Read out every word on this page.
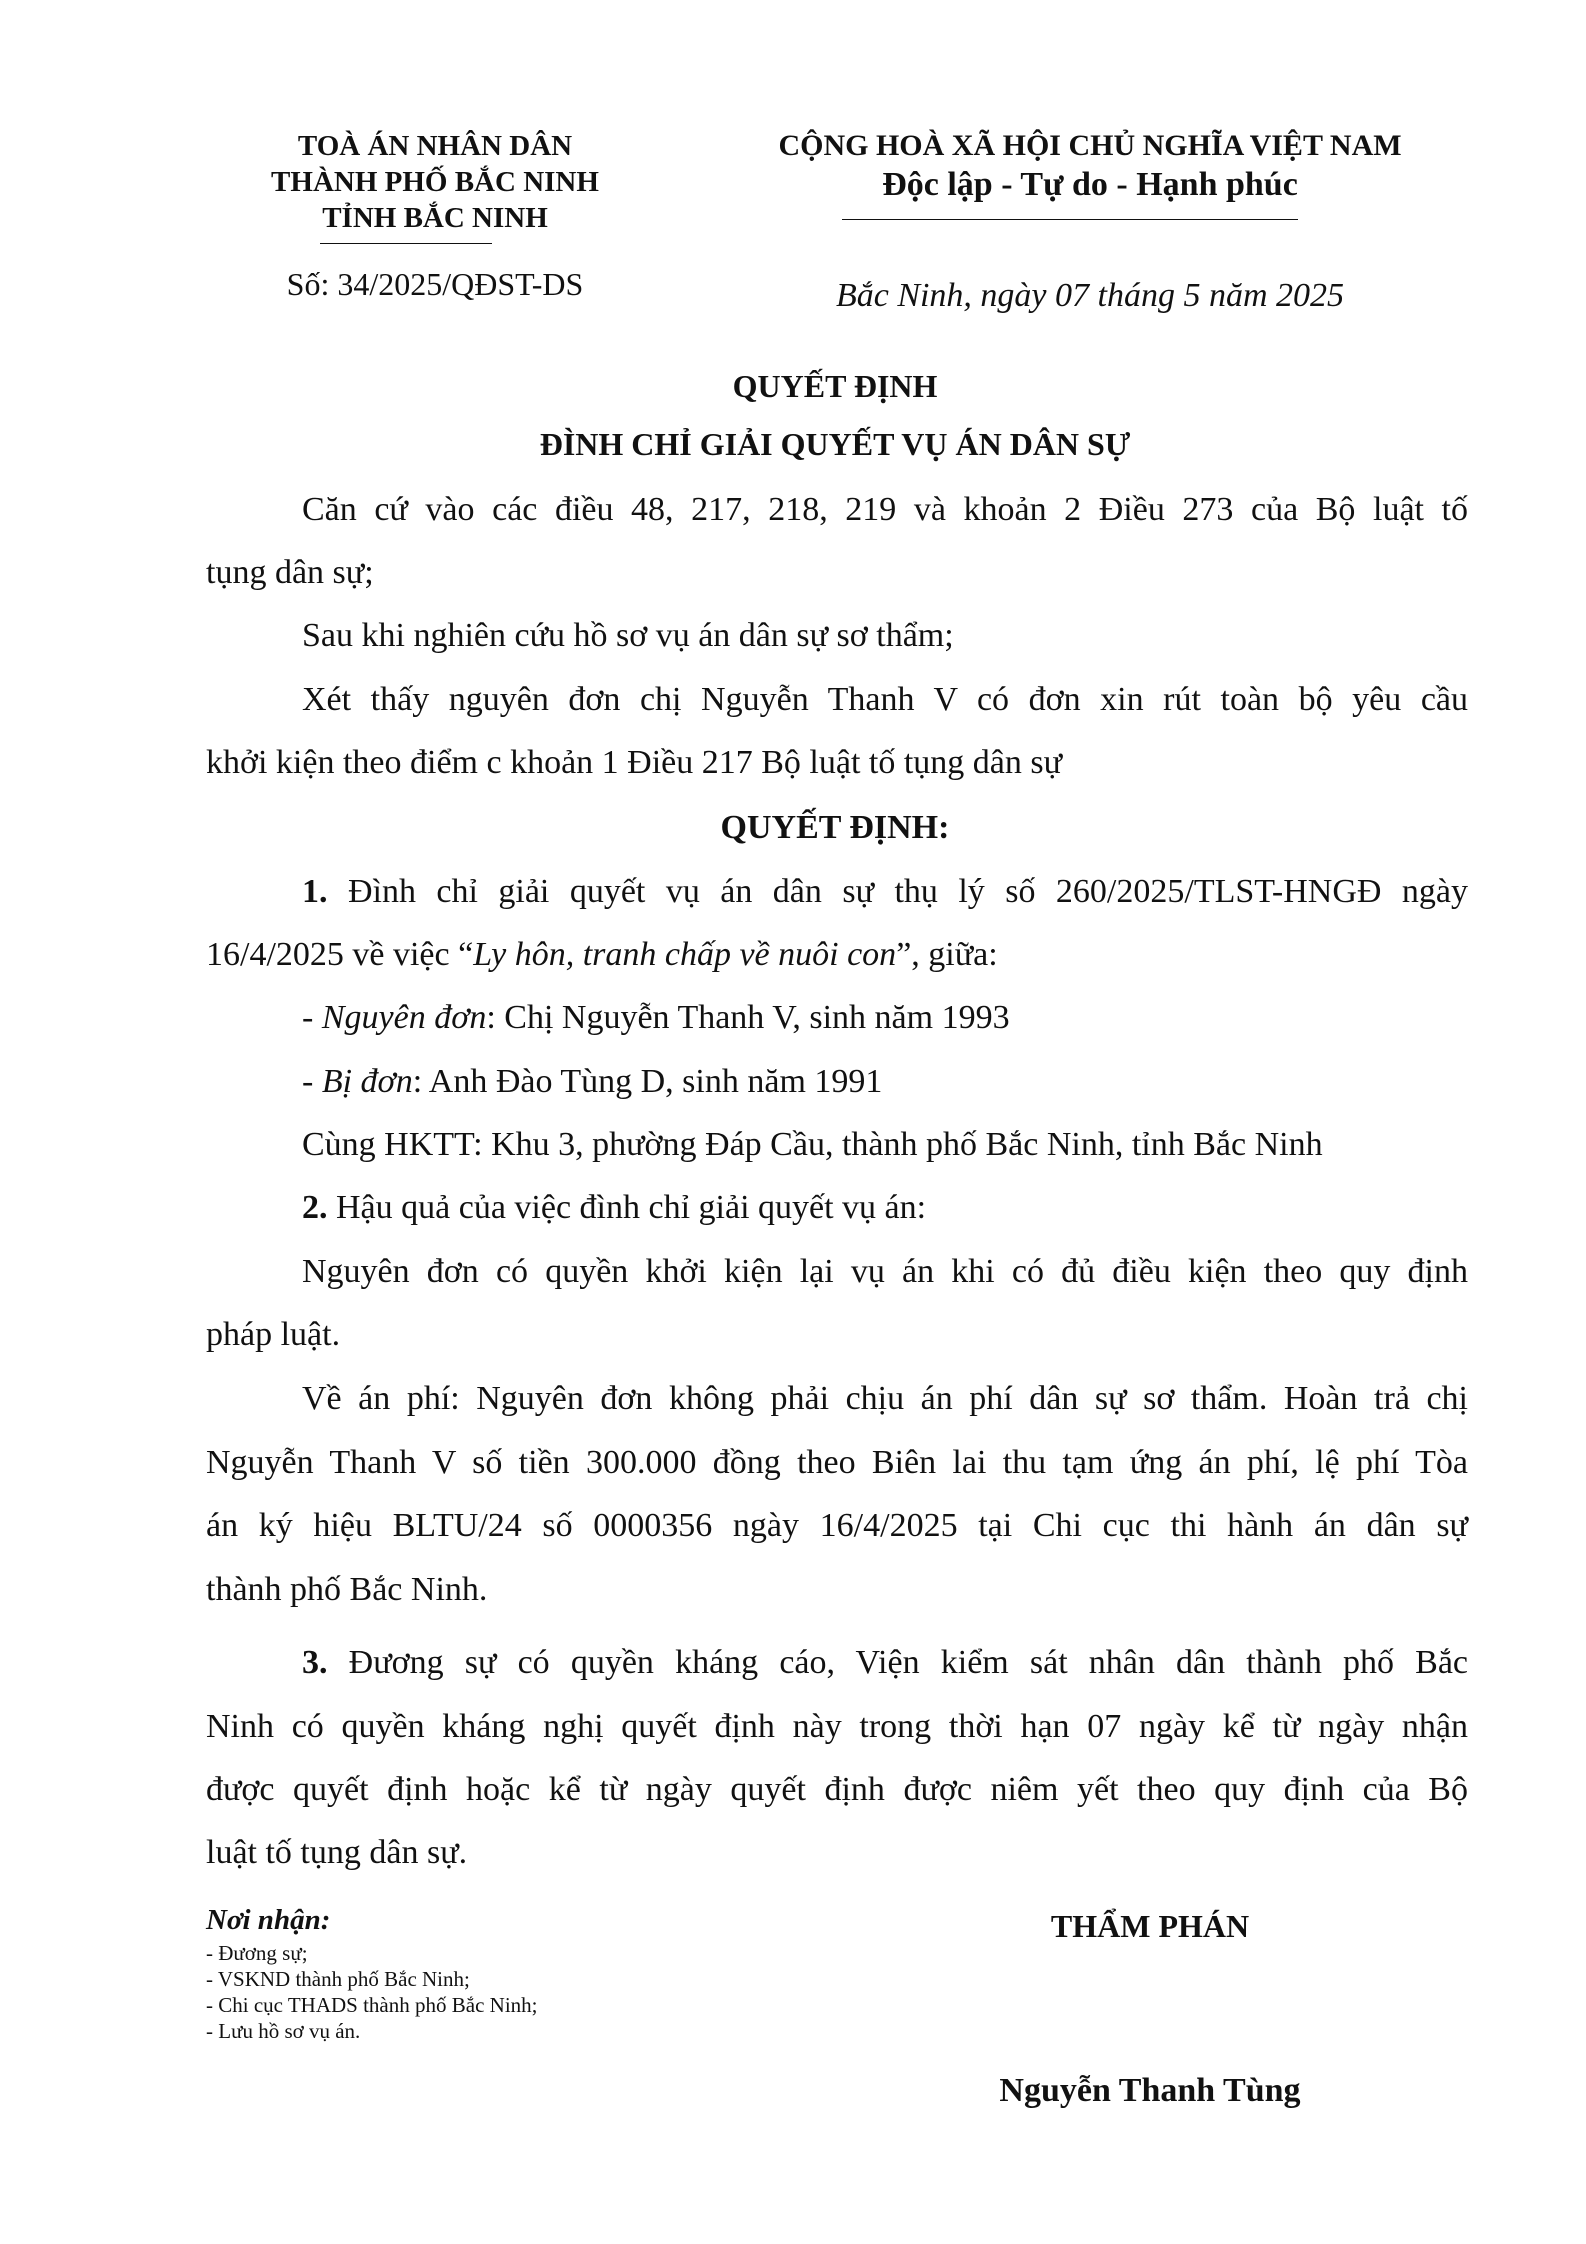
TOÀ ÁN NHÂN DÂN
THÀNH PHỐ BẮC NINH
TỈNH BẮC NINH
Số: 34/2025/QĐST-DS
CỘNG HOÀ XÃ HỘI CHỦ NGHĨA VIỆT NAM
Độc lập - Tự do - Hạnh phúc
Bắc Ninh, ngày 07 tháng 5 năm 2025
QUYẾT ĐỊNH
ĐÌNH CHỈ GIẢI QUYẾT VỤ ÁN DÂN SỰ
Căn cứ vào các điều 48, 217, 218, 219 và khoản 2 Điều 273 của Bộ luật tố
tụng dân sự;
Sau khi nghiên cứu hồ sơ vụ án dân sự sơ thẩm;
Xét thấy nguyên đơn chị Nguyễn Thanh V có đơn xin rút toàn bộ yêu cầu
khởi kiện theo điểm c khoản 1 Điều 217 Bộ luật tố tụng dân sự
QUYẾT ĐỊNH:
1. Đình chỉ giải quyết vụ án dân sự thụ lý số 260/2025/TLST-HNGĐ ngày
16/4/2025 về việc “Ly hôn, tranh chấp về nuôi con”, giữa:
- Nguyên đơn: Chị Nguyễn Thanh V, sinh năm 1993
- Bị đơn: Anh Đào Tùng D, sinh năm 1991
Cùng HKTT: Khu 3, phường Đáp Cầu, thành phố Bắc Ninh, tỉnh Bắc Ninh
2. Hậu quả của việc đình chỉ giải quyết vụ án:
Nguyên đơn có quyền khởi kiện lại vụ án khi có đủ điều kiện theo quy định
pháp luật.
Về án phí: Nguyên đơn không phải chịu án phí dân sự sơ thẩm. Hoàn trả chị
Nguyễn Thanh V số tiền 300.000 đồng theo Biên lai thu tạm ứng án phí, lệ phí Tòa
án ký hiệu BLTU/24 số 0000356 ngày 16/4/2025 tại Chi cục thi hành án dân sự
thành phố Bắc Ninh.
3. Đương sự có quyền kháng cáo, Viện kiểm sát nhân dân thành phố Bắc
Ninh có quyền kháng nghị quyết định này trong thời hạn 07 ngày kể từ ngày nhận
được quyết định hoặc kể từ ngày quyết định được niêm yết theo quy định của Bộ
luật tố tụng dân sự.
Nơi nhận:
- Đương sự;
- VSKND thành phố Bắc Ninh;
- Chi cục THADS thành phố Bắc Ninh;
- Lưu hồ sơ vụ án.
THẨM PHÁN
Nguyễn Thanh Tùng
